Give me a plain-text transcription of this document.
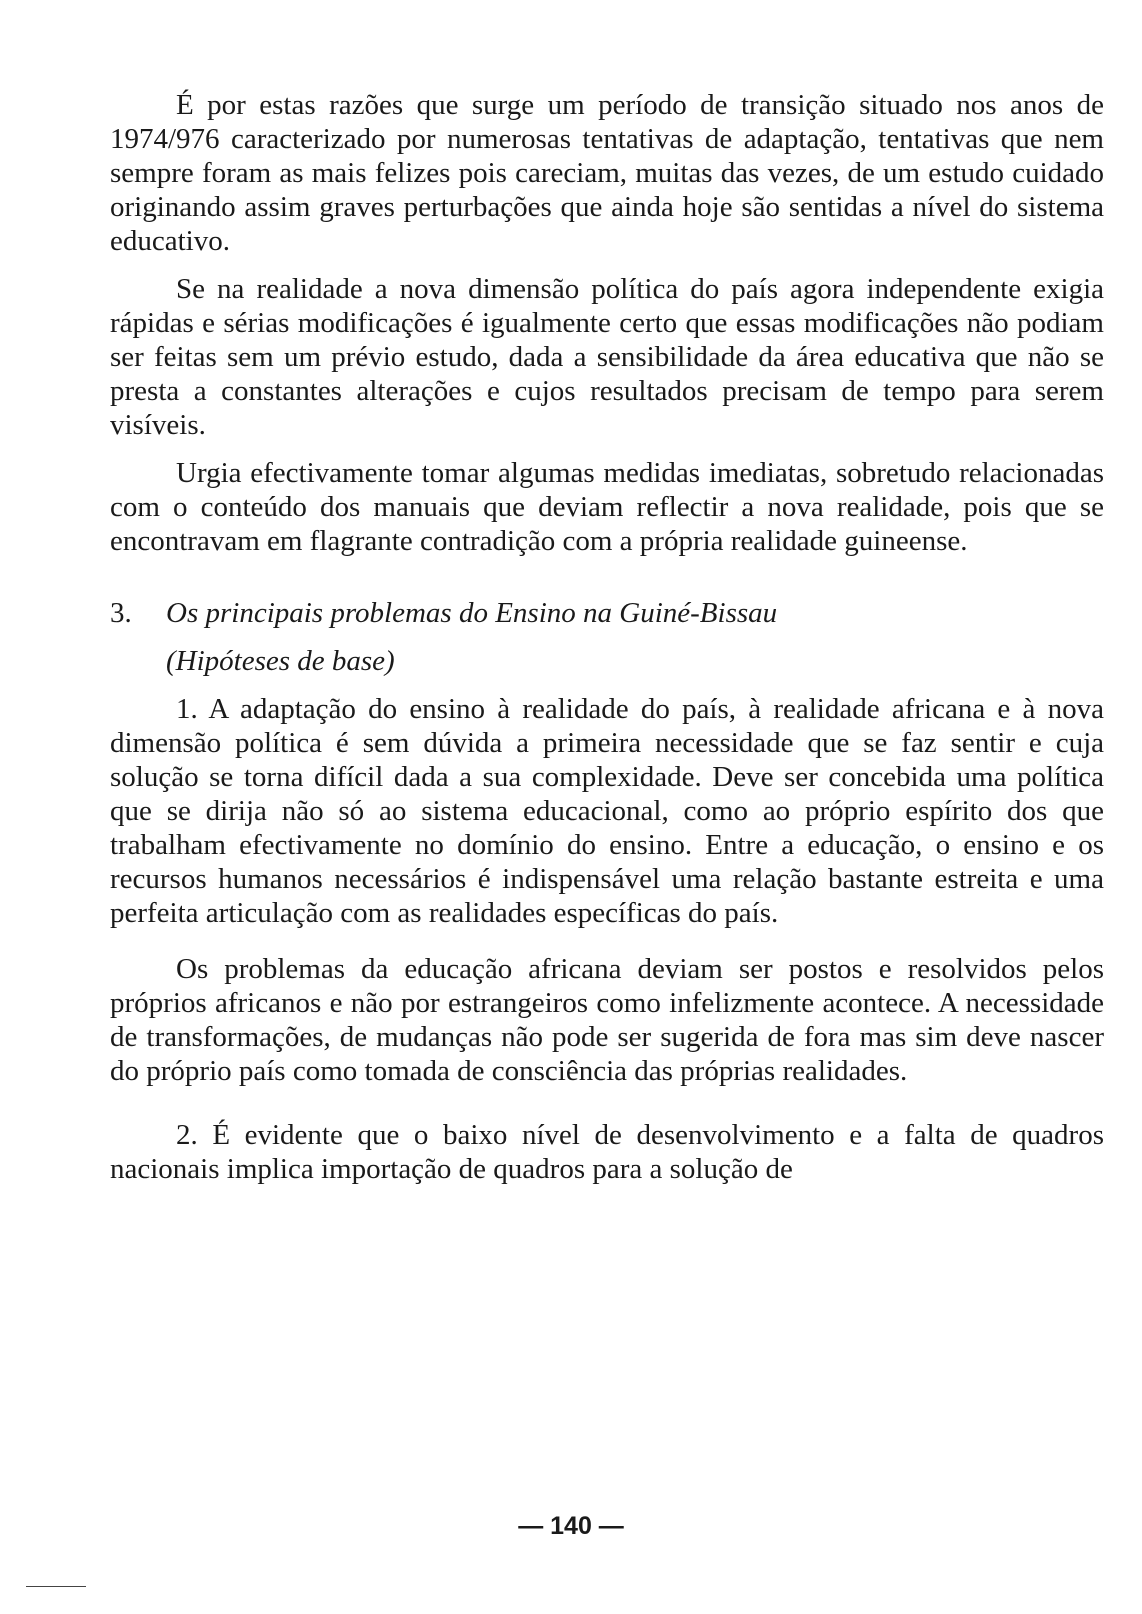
É por estas razões que surge um período de transição situado nos anos de 1974/976 caracterizado por numerosas tentativas de adaptação, tentativas que nem sempre foram as mais felizes pois careciam, muitas das vezes, de um estudo cuidado originando assim graves perturbações que ainda hoje são sentidas a nível do sistema educativo.

Se na realidade a nova dimensão política do país agora independente exigia rápidas e sérias modificações é igualmente certo que essas modificações não podiam ser feitas sem um prévio estudo, dada a sensibilidade da área educativa que não se presta a constantes alterações e cujos resultados precisam de tempo para serem visíveis.

Urgia efectivamente tomar algumas medidas imediatas, sobretudo relacionadas com o conteúdo dos manuais que deviam reflectir a nova realidade, pois que se encontravam em flagrante contradição com a própria realidade guineense.

3.	Os principais problemas do Ensino na Guiné-Bissau
(Hipóteses de base)

1. A adaptação do ensino à realidade do país, à realidade africana e à nova dimensão política é sem dúvida a primeira necessidade que se faz sentir e cuja solução se torna difícil dada a sua complexidade. Deve ser concebida uma política que se dirija não só ao sistema educacional, como ao próprio espírito dos que trabalham efectivamente no domínio do ensino. Entre a educação, o ensino e os recursos humanos necessários é indispensável uma relação bastante estreita e uma perfeita articulação com as realidades específicas do país.

Os problemas da educação africana deviam ser postos e resolvidos pelos próprios africanos e não por estrangeiros como infelizmente acontece. A necessidade de transformações, de mudanças não pode ser sugerida de fora mas sim deve nascer do próprio país como tomada de consciência das próprias realidades.

2. É evidente que o baixo nível de desenvolvimento e a falta de quadros nacionais implica importação de quadros para a solução de

— 140 —
